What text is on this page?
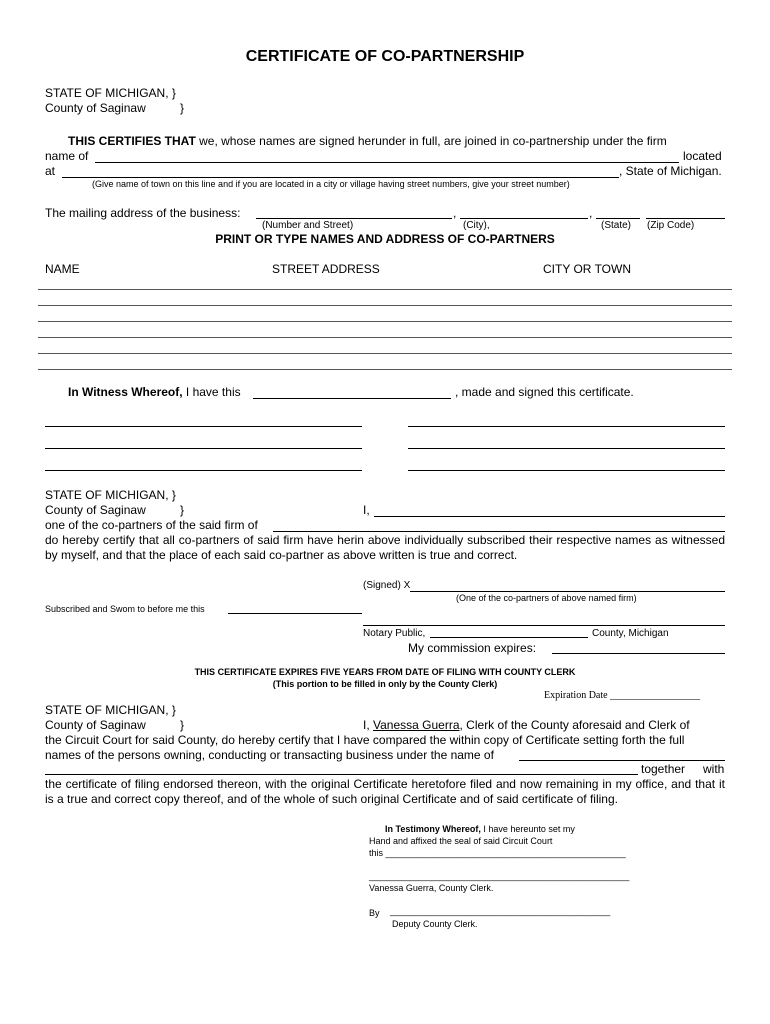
CERTIFICATE OF CO-PARTNERSHIP
STATE OF MICHIGAN, }
County of Saginaw	}
THIS CERTIFIES THAT we, whose names are signed herunder in full, are joined in co-partnership under the firm
name of	located
at	, State of Michigan.
(Give name of town on this line and if you are located in a city or village having street numbers, give your street number)
The mailing address of the business:	,	,
(Number and Street)	(City),	(State) (Zip Code)
PRINT OR TYPE NAMES AND ADDRESS OF CO-PARTNERS
NAME	STREET ADDRESS	CITY OR TOWN
In Witness Whereof, I have this	, made and signed this certificate.
STATE OF MICHIGAN, }
County of Saginaw	}	I,
one of the co-partners of the said firm of
do hereby certify that all co-partners of said firm have herin above individually subscribed their respective names as witnessed by myself, and that the place of each said co-partner as above written is true and correct.
(Signed) X
(One of the co-partners of above named firm)
Subscribed and Swom to before me this
Notary Public,	County, Michigan
My commission expires:
THIS CERTIFICATE EXPIRES FIVE YEARS FROM DATE OF FILING WITH COUNTY CLERK
(This portion to be filled in only by the County Clerk)
Expiration Date __________________
STATE OF MICHIGAN, }
County of Saginaw	}	I, Vanessa Guerra, Clerk of the County aforesaid and Clerk of
the Circuit Court for said County, do hereby certify that I have compared the within copy of Certificate setting forth the full
names of the persons owning, conducting or transacting business under the name of
together with
the certificate of filing endorsed thereon, with the original Certificate heretofore filed and now remaining in my office, and that it is a true and correct copy thereof, and of the whole of such original Certificate and of said certificate of filing.
In Testimony Whereof, I have hereunto set my
Hand and affixed the seal of said Circuit Court
this ________________________________________________
____________________________________________________
Vanessa Guerra, County Clerk.
By ____________________________________________
Deputy County Clerk.
